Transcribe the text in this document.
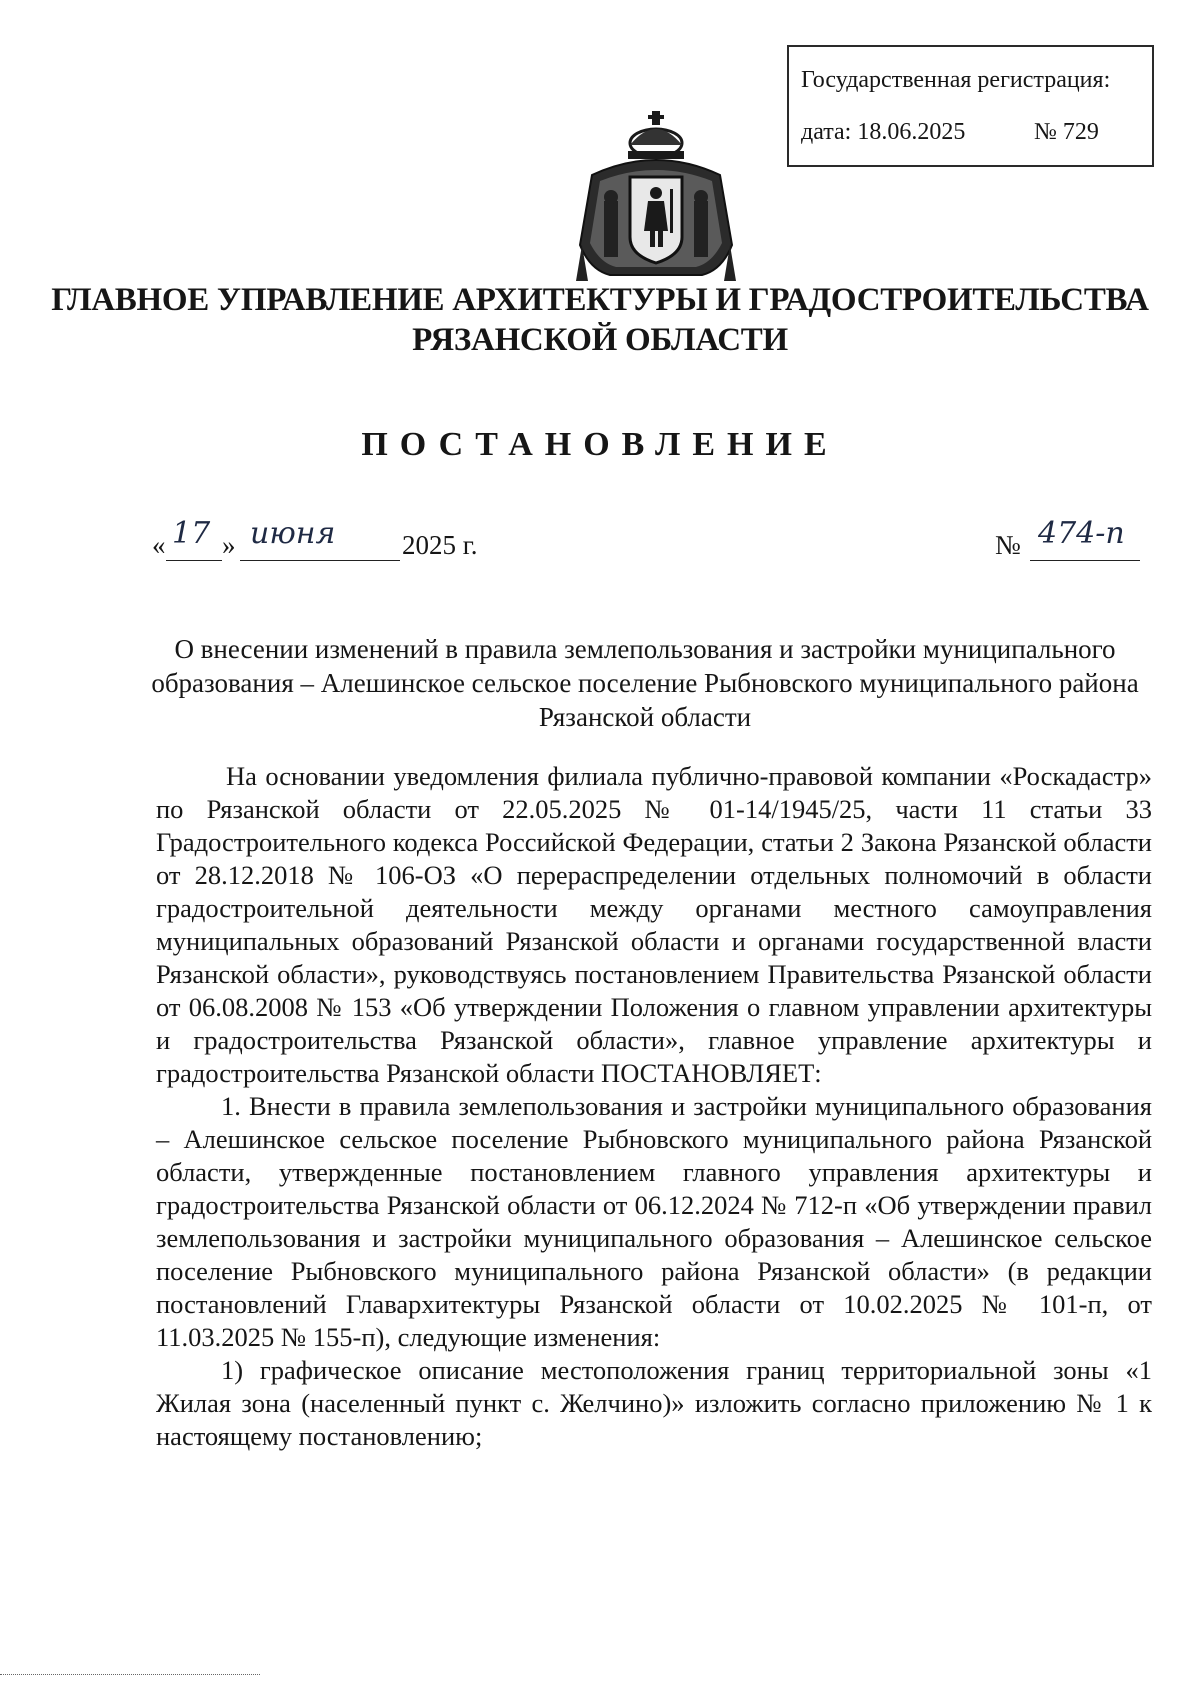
Государственная регистрация:
дата: 18.06.2025	№ 729
ГЛАВНОЕ УПРАВЛЕНИЕ АРХИТЕКТУРЫ И ГРАДОСТРОИТЕЛЬСТВА
РЯЗАНСКОЙ ОБЛАСТИ
ПОСТАНОВЛЕНИЕ
« 17 » июня 2025 г.	№ 474-п
О внесении изменений в правила землепользования и застройки муниципального образования – Алешинское сельское поселение Рыбновского муниципального района Рязанской области

На основании уведомления филиала публично-правовой компании «Роскадастр» по Рязанской области от 22.05.2025 № 01-14/1945/25, части 11 статьи 33 Градостроительного кодекса Российской Федерации, статьи 2 Закона Рязанской области от 28.12.2018 № 106-ОЗ «О перераспределении отдельных полномочий в области градостроительной деятельности между органами местного самоуправления муниципальных образований Рязанской области и органами государственной власти Рязанской области», руководствуясь постановлением Правительства Рязанской области от 06.08.2008 № 153 «Об утверждении Положения о главном управлении архитектуры и градостроительства Рязанской области», главное управление архитектуры и градостроительства Рязанской области ПОСТАНОВЛЯЕТ:

1. Внести в правила землепользования и застройки муниципального образования – Алешинское сельское поселение Рыбновского муниципального района Рязанской области, утвержденные постановлением главного управления архитектуры и градостроительства Рязанской области от 06.12.2024 № 712-п «Об утверждении правил землепользования и застройки муниципального образования – Алешинское сельское поселение Рыбновского муниципального района Рязанской области» (в редакции постановлений Главархитектуры Рязанской области от 10.02.2025 № 101-п, от 11.03.2025 № 155-п), следующие изменения:

1) графическое описание местоположения границ территориальной зоны «1 Жилая зона (населенный пункт с. Желчино)» изложить согласно приложению № 1 к настоящему постановлению;
